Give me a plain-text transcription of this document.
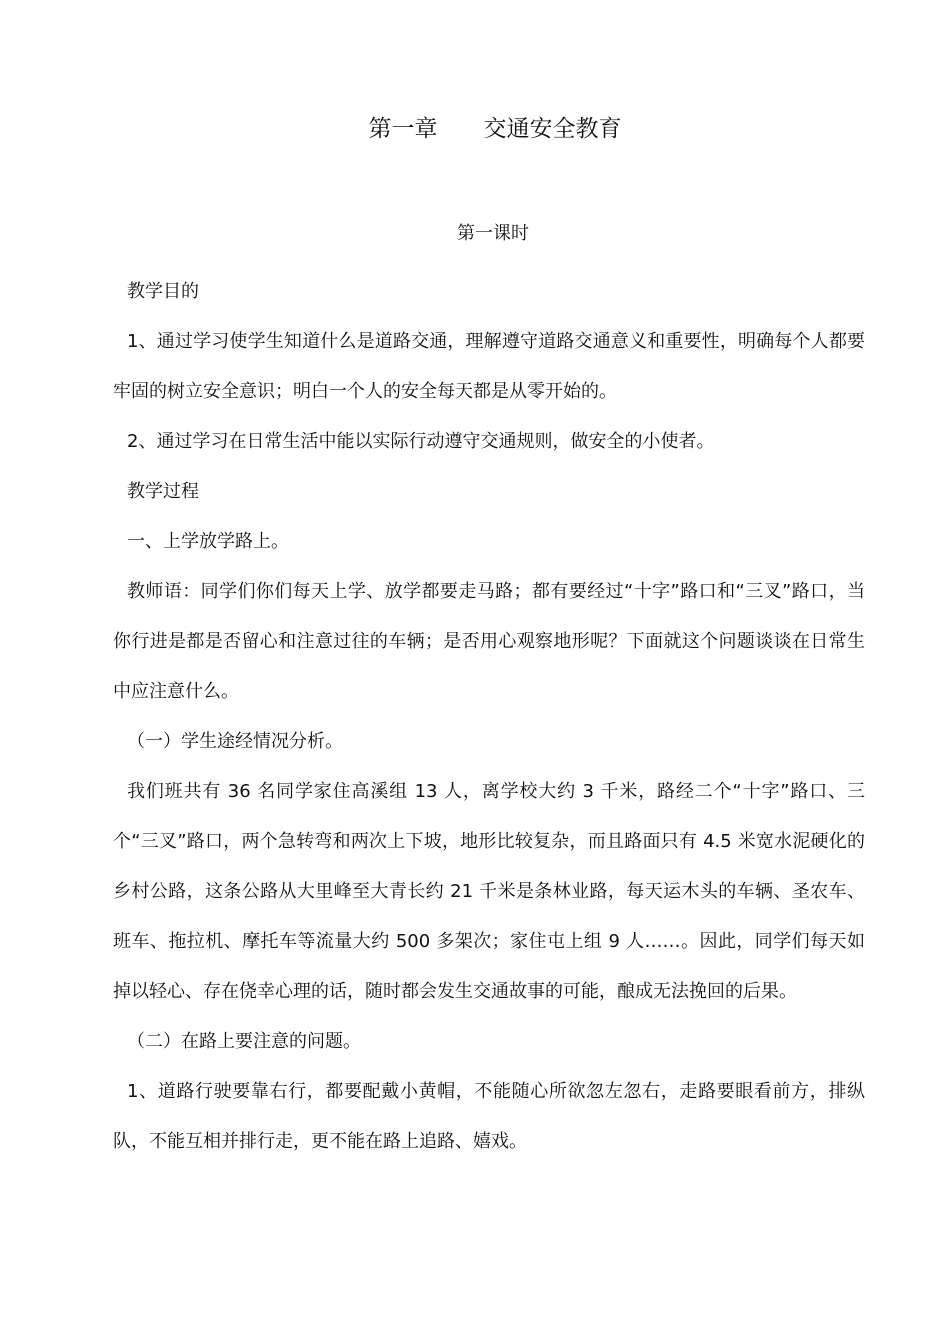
第一章 交通安全教育
第一课时

教学目的

1、通过学习使学生知道什么是道路交通，理解遵守道路交通意义和重要性，明确每个人都要牢固的树立安全意识；明白一个人的安全每天都是从零开始的。

2、通过学习在日常生活中能以实际行动遵守交通规则，做安全的小使者。

教学过程

一、上学放学路上。

教师语：同学们你们每天上学、放学都要走马路；都有要经过“十字”路口和“三叉”路口，当你行进是都是否留心和注意过往的车辆；是否用心观察地形呢？下面就这个问题谈谈在日常生中应注意什么。

（一）学生途经情况分析。

我们班共有 36 名同学家住高溪组 13 人，离学校大约 3 千米，路经二个“十字”路口、三个“三叉”路口，两个急转弯和两次上下坡，地形比较复杂，而且路面只有 4.5 米宽水泥硬化的乡村公路，这条公路从大里峰至大青长约 21 千米是条林业路，每天运木头的车辆、圣农车、班车、拖拉机、摩托车等流量大约 500 多架次；家住屯上组 9 人……。因此，同学们每天如掉以轻心、存在侥幸心理的话，随时都会发生交通故事的可能，酿成无法挽回的后果。

（二）在路上要注意的问题。

1、道路行驶要靠右行，都要配戴小黄帽，不能随心所欲忽左忽右，走路要眼看前方，排纵队，不能互相并排行走，更不能在路上追路、嬉戏。
